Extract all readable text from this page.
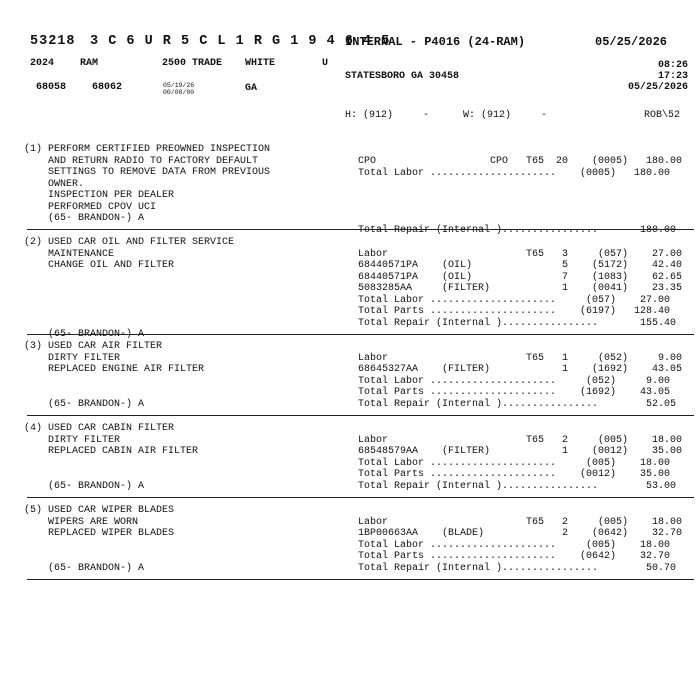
53218 3 C 6 U R 5 C L 1 R G 1 9 4 6 4 5
INTERNAL - P4016 (24-RAM)	05/25/2026
2024	RAM	2500 TRADE WHITE	U
STATESBORO GA 30458
08:26
17:23
05/25/2026
68058	68062	05/19/26
00/00/00	GA
H: (912)	-	W: (912)	-	ROB\52
(1) PERFORM CERTIFIED PREOWNED INSPECTION
AND RETURN RADIO TO FACTORY DEFAULT
SETTINGS TO REMOVE DATA FROM PREVIOUS
OWNER.
INSPECTION PER DEALER
PERFORMED CPOV UCI
(65- BRANDON-) A
CPO                   CPO   T65  20    (0005)   180.00
Total Labor .....................    (0005)   180.00

Total Repair (Internal )................       180.00
(2) USED CAR OIL AND FILTER SERVICE
MAINTENANCE
CHANGE OIL AND FILTER

(65- BRANDON-) A

Labor                       T65   3     (057)    27.00
68440571PA    (OIL)               5    (5172)    42.40
68440571PA    (OIL)               7    (1083)    62.65
5083285AA     (FILTER)            1    (0041)    23.35
Total Labor .....................     (057)    27.00
Total Parts .....................    (6197)   128.40
Total Repair (Internal )................       155.40
(3) USED CAR AIR FILTER
DIRTY FILTER
REPLACED ENGINE AIR FILTER

(65- BRANDON-) A

Labor                       T65   1     (052)     9.00
68645327AA    (FILTER)            1    (1692)    43.05
Total Labor .....................     (052)     9.00
Total Parts .....................    (1692)    43.05
Total Repair (Internal )................        52.05
(4) USED CAR CABIN FILTER
DIRTY FILTER
REPLACED CABIN AIR FILTER

(65- BRANDON-) A

Labor                       T65   2     (005)    18.00
68548579AA    (FILTER)            1    (0012)    35.00
Total Labor .....................     (005)    18.00
Total Parts .....................    (0012)    35.00
Total Repair (Internal )................        53.00
(5) USED CAR WIPER BLADES
WIPERS ARE WORN
REPLACED WIPER BLADES

(65- BRANDON-) A

Labor                       T65   2     (005)    18.00
1BP00663AA    (BLADE)             2    (0642)    32.70
Total Labor .....................     (005)    18.00
Total Parts .....................    (0642)    32.70
Total Repair (Internal )................        50.70
